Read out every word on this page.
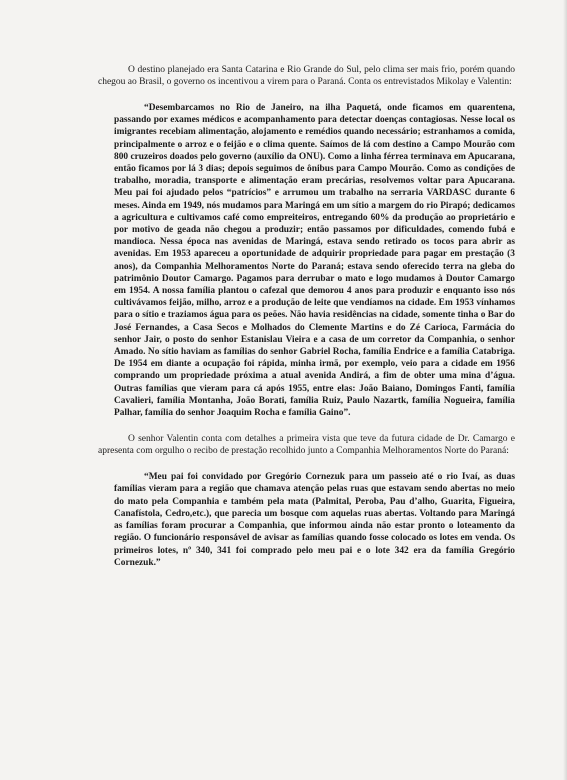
O destino planejado era Santa Catarina e Rio Grande do Sul, pelo clima ser mais frio, porém quando chegou ao Brasil, o governo os incentivou a virem para o Paraná. Conta os entrevistados Mikolay e Valentin:

“Desembarcamos no Rio de Janeiro, na ilha Paquetá, onde ficamos em quarentena, passando por exames médicos e acompanhamento para detectar doenças contagiosas. Nesse local os imigrantes recebiam alimentação, alojamento e remédios quando necessário; estranhamos a comida, principalmente o arroz e o feijão e o clima quente. Saímos de lá com destino a Campo Mourão com 800 cruzeiros doados pelo governo (auxílio da ONU). Como a linha férrea terminava em Apucarana, então ficamos por lá 3 dias; depois seguimos de ônibus para Campo Mourão. Como as condições de trabalho, moradia, transporte e alimentação eram precárias, resolvemos voltar para Apucarana. Meu pai foi ajudado pelos “patrícios” e arrumou um trabalho na serraria VARDASC durante 6 meses. Ainda em 1949, nós mudamos para Maringá em um sítio a margem do rio Pirapó; dedicamos a agricultura e cultivamos café como empreiteiros, entregando 60% da produção ao proprietário e por motivo de geada não chegou a produzir; então passamos por dificuldades, comendo fubá e mandioca. Nessa época nas avenidas de Maringá, estava sendo retirado os tocos para abrir as avenidas. Em 1953 apareceu a oportunidade de adquirir propriedade para pagar em prestação (3 anos), da Companhia Melhoramentos Norte do Paraná; estava sendo oferecido terra na gleba do patrimônio Doutor Camargo. Pagamos para derrubar o mato e logo mudamos à Doutor Camargo em 1954. A nossa família plantou o cafezal que demorou 4 anos para produzir e enquanto isso nós cultivávamos feijão, milho, arroz e a produção de leite que vendíamos na cidade. Em 1953 vínhamos para o sítio e traziamos água para os peões. Não havia residências na cidade, somente tinha o Bar do José Fernandes, a Casa Secos e Molhados do Clemente Martins e do Zé Carioca, Farmácia do senhor Jair, o posto do senhor Estanislau Vieira e a casa de um corretor da Companhia, o senhor Amado. No sítio haviam as famílias do senhor Gabriel Rocha, família Endrice e a família Catabriga. De 1954 em diante a ocupação foi rápida, minha irmã, por exemplo, veio para a cidade em 1956 comprando um propriedade próxima a atual avenida Andirá, a fim de obter uma mina d’água. Outras famílias que vieram para cá após 1955, entre elas: João Baiano, Domingos Fanti, família Cavalieri, família Montanha, João Borati, família Ruiz, Paulo Nazartk, família Nogueira, família Palhar, família do senhor Joaquim Rocha e família Gaino”.

O senhor Valentin conta com detalhes a primeira vista que teve da futura cidade de Dr. Camargo e apresenta com orgulho o recibo de prestação recolhido junto a Companhia Melhoramentos Norte do Paraná:

“Meu pai foi convidado por Gregório Cornezuk para um passeio até o rio Ivaí, as duas famílias vieram para a região que chamava atenção pelas ruas que estavam sendo abertas no meio do mato pela Companhia e também pela mata (Palmital, Peroba, Pau d’alho, Guarita, Figueira, Canafístola, Cedro,etc.), que parecia um bosque com aquelas ruas abertas. Voltando para Maringá as famílias foram procurar a Companhia, que informou ainda não estar pronto o loteamento da região. O funcionário responsável de avisar as famílias quando fosse colocado os lotes em venda. Os primeiros lotes, nº 340, 341 foi comprado pelo meu pai e o lote 342 era da família Gregório Cornezuk.”
